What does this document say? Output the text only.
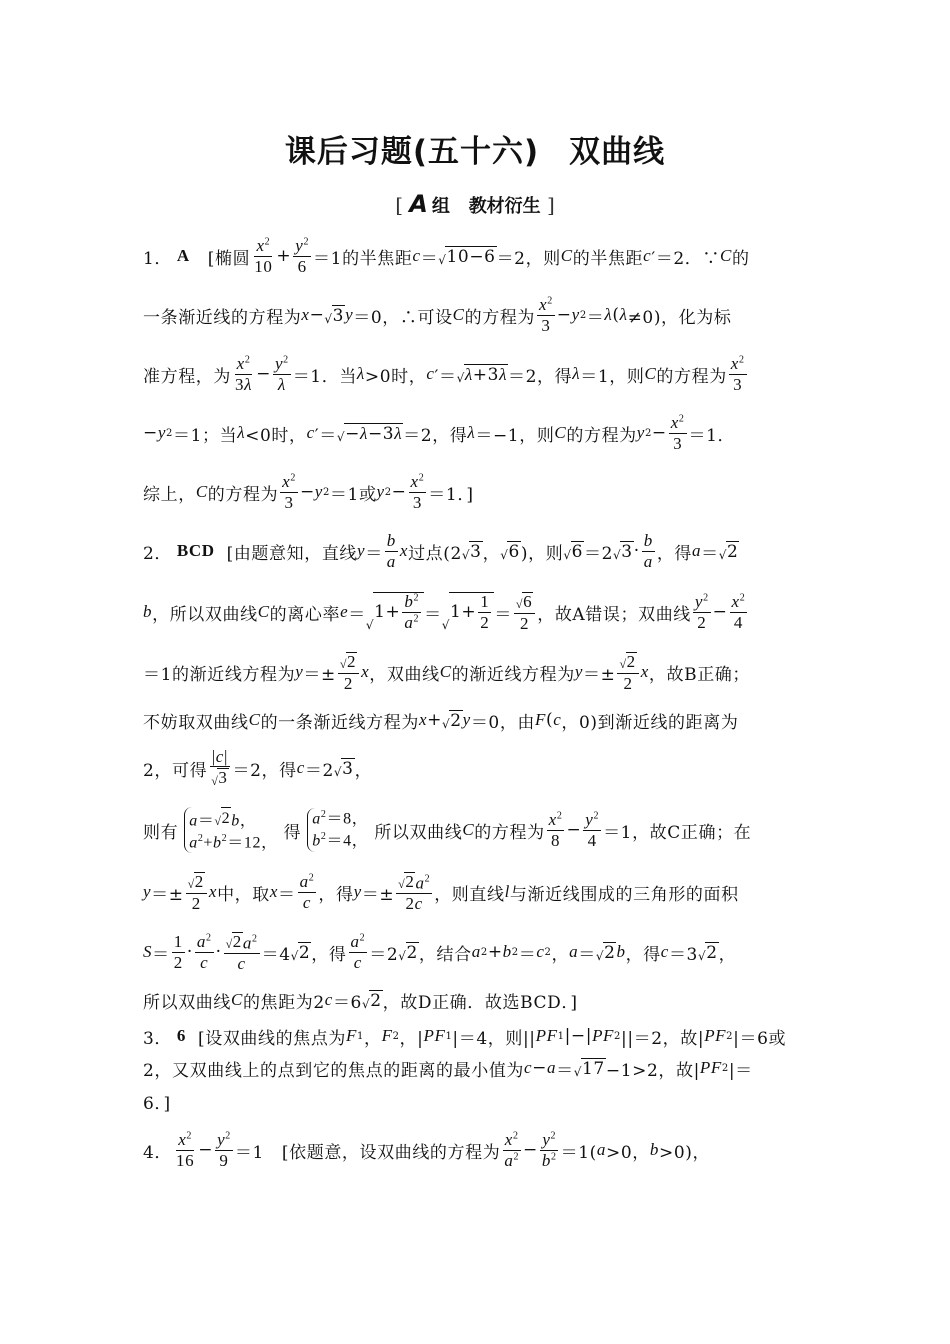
课后习题(五十六) 双曲线
[ A 组 教材衍生 ]
1． A [椭圆 $\frac{x^2}{10} + \frac{y^2}{6} =1$的半焦距 c ＝ √ 10−6 ＝2，则 C 的半焦距 c ′＝2．∵ C 的
一条渐近线的方程为 x − √ 3 y ＝0，∴可设 C 的方程为 $\frac{x^2}{3} - y$ 2 ＝ λ ( λ ≠0)，化为标
准方程，为 $\frac{x^2}{3\lambda} - \frac{y^2}{\lambda} =1$．当 λ >0时， c ′＝ √ λ+3λ ＝2，得 λ ＝1，则 C 的方程为 $\frac{x^2}{3}$
− y 2 ＝1；当 λ <0时， c ′＝ √ −λ−3λ ＝2，得 λ ＝−1，则 C 的方程为 y $2 - \frac{x^2}{3} =1$．
综上， C 的方程为 $\frac{x^2}{3} - y$ 2 ＝1或 y $2 - \frac{x^2}{3} =1$．]
2． BCD [由题意知，直线 $y = \frac{b}{a}$ x 过点(2 √ 3 ， √ 6 )，则 √ 6 ＝2 √ $3 \cdot \frac{b}{a}$ ，得 a ＝ √ 2
b ，所以双曲线 C 的离心率 e ＝
√
$1+ \frac{b^2}{a^2}$ ＝
√
$1+ \frac{1}{2} = \frac{√ 6}{2}$ ，故A错误；双曲线 $\frac{y^2}{2} - \frac{x^2}{4}$
＝1的渐近线方程为 $y =\pm \frac{√ 2}{2}$ x ，双曲线 C 的渐近线方程为 $y =\pm \frac{√ 2}{2}$ x ，故B正确；
不妨取双曲线 C 的一条渐近线方程为 x + √ 2 y ＝0，由 F ( c ，0)到渐近线的距离为
2，可得 $\frac{|c|}{√ 3} =2$，得 c ＝2 √ 3 ，
则有
a＝ √ 2 b，
$a^2+b^2=12$， 得
$a^2=8$，
$b^2=4$， 所以双曲线 C 的方程为 $\frac{x^2}{8} - \frac{y^2}{4} =1$，故C正确；在
$y =\pm \frac{√ 2}{2}$ x 中，取 $x = \frac{a^2}{c}$ ，得 $y =\pm \frac{√ 2 a^2}{2c}$ ，则直线 l 与渐近线围成的三角形的面积
$S = \frac{1}{2} \cdot \frac{a^2}{c} \cdot \frac{√ 2 a^2}{c} =4$ √ 2 ，得 $\frac{a^2}{c} =2$ √ 2 ，结合 a 2 + b 2 ＝ c 2 ， a ＝ √ 2 b ，得 c ＝3 √ 2 ，
所以双曲线 C 的焦距为2 c ＝6 √ 2 ，故D正确．故选BCD．]
3． 6 [设双曲线的焦点为 F 1 ， F 2 ，| PF 1 |＝4，则|| PF 1 |−| PF 2 ||＝2，故| PF 2 |＝6或
2，又双曲线上的点到它的焦点的距离的最小值为 c − a ＝ √ 17 −1>2，故| PF 2 |＝
6．]
4． $\frac{x^2}{16} - \frac{y^2}{9} =1$   [依题意，设双曲线的方程为 $\frac{x^2}{a^2} - \frac{y^2}{b^2} =1$( a >0， b >0)，
